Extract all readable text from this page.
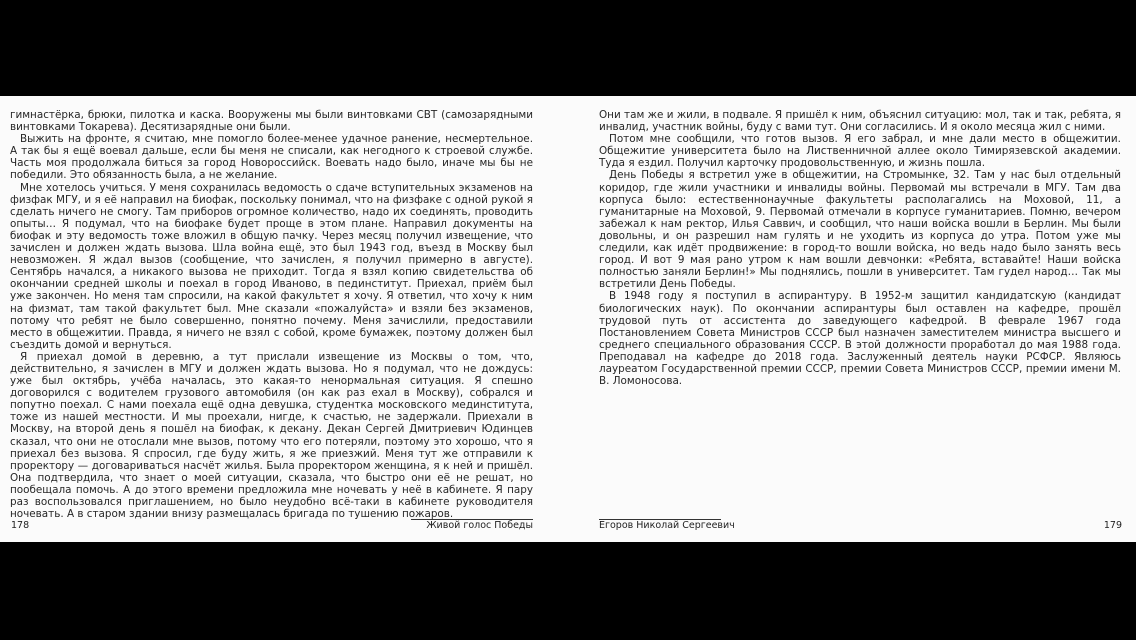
гимнастёрка, брюки, пилотка и каска. Вооружены мы были винтовками СВТ (самозарядными винтовками Токарева). Десятизарядные они были.

Выжить на фронте, я считаю, мне помогло более-менее удачное ранение, несмертельное. А так бы я ещё воевал дальше, если бы меня не списали, как негодного к строевой службе. Часть моя продолжала биться за город Новороссийск. Воевать надо было, иначе мы бы не победили. Это обязанность была, а не желание.

Мне хотелось учиться. У меня сохранилась ведомость о сдаче вступительных экзаменов на физфак МГУ, и я её направил на биофак, поскольку понимал, что на физфаке с одной рукой я сделать ничего не смогу. Там приборов огромное количество, надо их соединять, проводить опыты… Я подумал, что на биофаке будет проще в этом плане. Направил документы на биофак и эту ведомость тоже вложил в общую пачку. Через месяц получил извещение, что зачислен и должен ждать вызова. Шла война ещё, это был 1943 год, въезд в Москву был невозможен. Я ждал вызов (сообщение, что зачислен, я получил примерно в августе). Сентябрь начался, а никакого вызова не приходит. Тогда я взял копию свидетельства об окончании средней школы и поехал в город Иваново, в пединститут. Приехал, приём был уже закончен. Но меня там спросили, на какой факультет я хочу. Я ответил, что хочу к ним на физмат, там такой факультет был. Мне сказали «пожалуйста» и взяли без экзаменов, потому что ребят не было совершенно, понятно почему. Меня зачислили, предоставили место в общежитии. Правда, я ничего не взял с собой, кроме бумажек, поэтому должен был съездить домой и вернуться.

Я приехал домой в деревню, а тут прислали извещение из Москвы о том, что, действительно, я зачислен в МГУ и должен ждать вызова. Но я подумал, что не дождусь: уже был октябрь, учёба началась, это какая-то ненормальная ситуация. Я спешно договорился с водителем грузового автомобиля (он как раз ехал в Москву), собрался и попутно поехал. С нами поехала ещё одна девушка, студентка московского мединститута, тоже из нашей местности. И мы проехали, нигде, к счастью, не задержали. Приехали в Москву, на второй день я пошёл на биофак, к декану. Декан Сергей Дмитриевич Юдинцев сказал, что они не отослали мне вызов, потому что его потеряли, поэтому это хорошо, что я приехал без вызова. Я спросил, где буду жить, я же приезжий. Меня тут же отправили к проректору — договариваться насчёт жилья. Была проректором женщина, я к ней и пришёл. Она подтвердила, что знает о моей ситуации, сказала, что быстро они её не решат, но пообещала помочь. А до этого времени предложила мне ночевать у неё в кабинете. Я пару раз воспользовался приглашением, но было неудобно всё-таки в кабинете руководителя ночевать. А в старом здании внизу размещалась бригада по тушению пожаров.

178	Живой голос Победы

Они там же и жили, в подвале. Я пришёл к ним, объяснил ситуацию: мол, так и так, ребята, я инвалид, участник войны, буду с вами тут. Они согласились. И я около месяца жил с ними.

Потом мне сообщили, что готов вызов. Я его забрал, и мне дали место в общежитии. Общежитие университета было на Лиственничной аллее около Тимирязевской академии. Туда я ездил. Получил карточку продовольственную, и жизнь пошла.

День Победы я встретил уже в общежитии, на Стромынке, 32. Там у нас был отдельный коридор, где жили участники и инвалиды войны. Первомай мы встречали в МГУ. Там два корпуса было: естественнонаучные факультеты располагались на Моховой, 11, а гуманитарные на Моховой, 9. Первомай отмечали в корпусе гуманитариев. Помню, вечером забежал к нам ректор, Илья Саввич, и сообщил, что наши войска вошли в Берлин. Мы были довольны, и он разрешил нам гулять и не уходить из корпуса до утра. Потом уже мы следили, как идёт продвижение: в город-то вошли войска, но ведь надо было занять весь город. И вот 9 мая рано утром к нам вошли девчонки: «Ребята, вставайте! Наши войска полностью заняли Берлин!» Мы поднялись, пошли в университет. Там гудел народ… Так мы встретили День Победы.

В 1948 году я поступил в аспирантуру. В 1952-м защитил кандидатскую (кандидат биологических наук). По окончании аспирантуры был оставлен на кафедре, прошёл трудовой путь от ассистента до заведующего кафедрой. В феврале 1967 года Постановлением Совета Министров СССР был назначен заместителем министра высшего и среднего специального образования СССР. В этой должности проработал до мая 1988 года. Преподавал на кафедре до 2018 года. Заслуженный деятель науки РСФСР. Являюсь лауреатом Государственной премии СССР, премии Совета Министров СССР, премии имени М. В. Ломоносова.

Егоров Николай Сергеевич	179
